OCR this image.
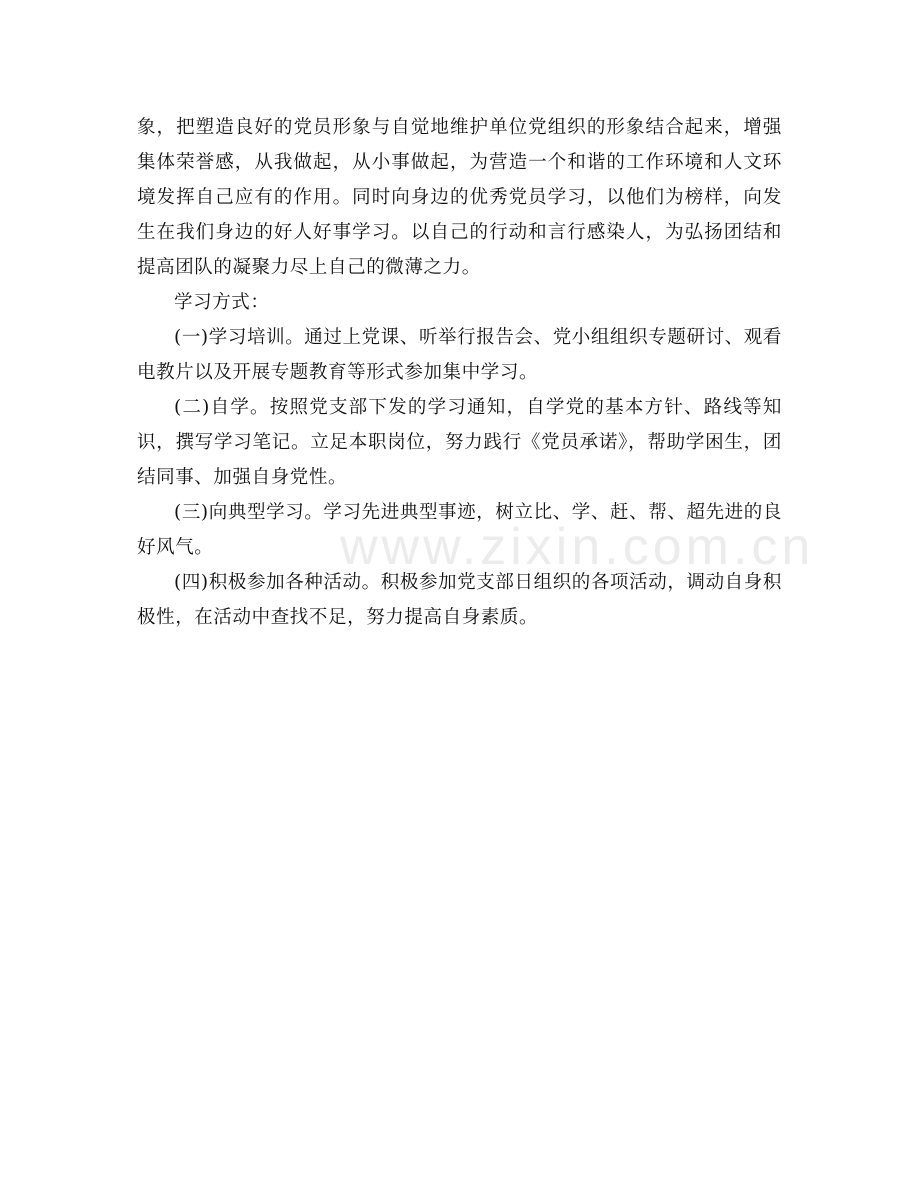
象，把塑造良好的党员形象与自觉地维护单位党组织的形象结合起来，增强集体荣誉感，从我做起，从小事做起，为营造一个和谐的工作环境和人文环境发挥自己应有的作用。同时向身边的优秀党员学习，以他们为榜样，向发生在我们身边的好人好事学习。以自己的行动和言行感染人，为弘扬团结和提高团队的凝聚力尽上自己的微薄之力。

学习方式：

(一)学习培训。通过上党课、听举行报告会、党小组组织专题研讨、观看电教片以及开展专题教育等形式参加集中学习。

(二)自学。按照党支部下发的学习通知，自学党的基本方针、路线等知识，撰写学习笔记。立足本职岗位，努力践行《党员承诺》，帮助学困生，团结同事、加强自身党性。

(三)向典型学习。学习先进典型事迹，树立比、学、赶、帮、超先进的良好风气。

(四)积极参加各种活动。积极参加党支部日组织的各项活动，调动自身积极性，在活动中查找不足，努力提高自身素质。

www.zixin.com.cn
